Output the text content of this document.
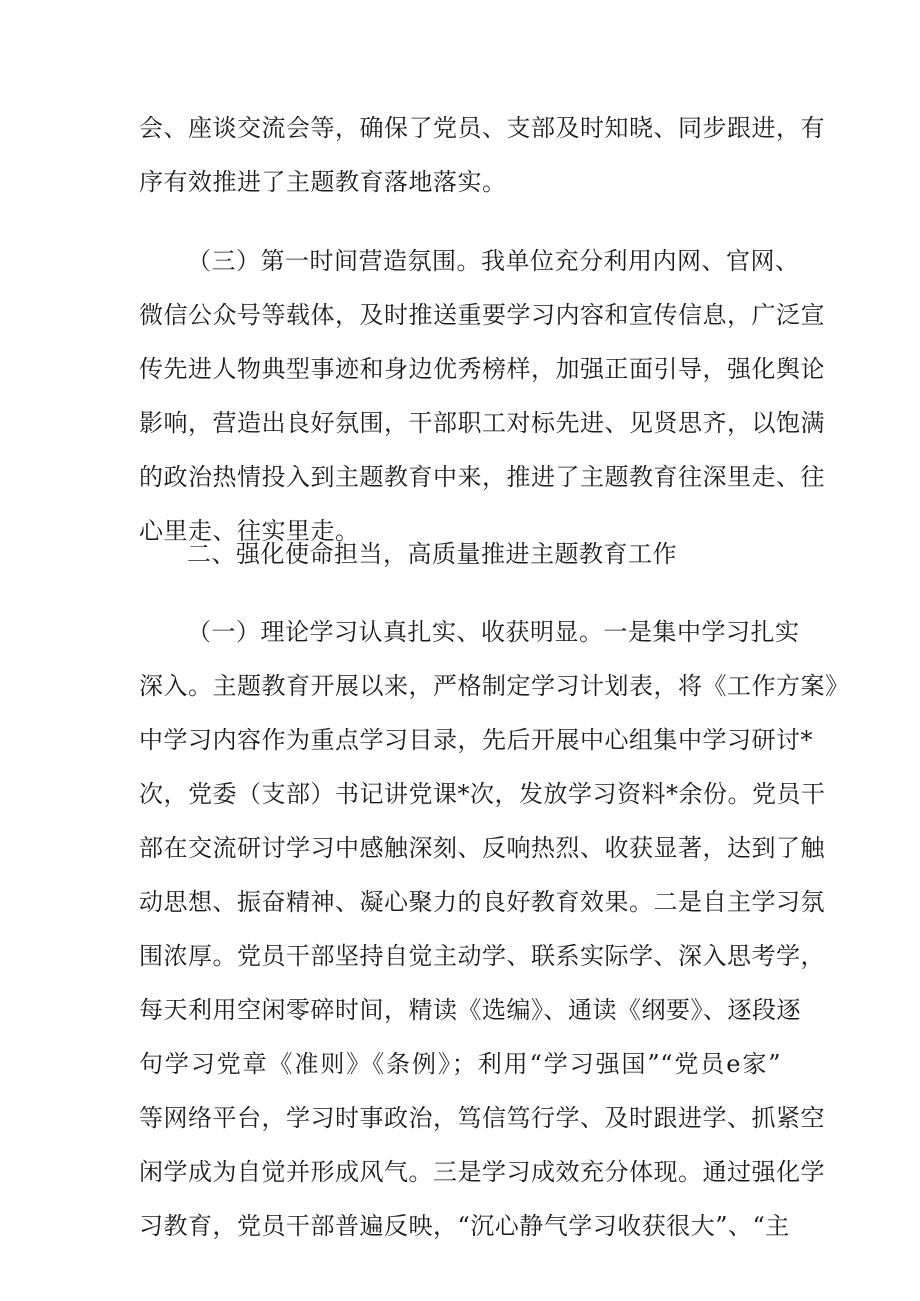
会、座谈交流会等，确保了党员、支部及时知晓、同步跟进，有
序有效推进了主题教育落地落实。
（三）第一时间营造氛围。我单位充分利用内网、官网、
微信公众号等载体，及时推送重要学习内容和宣传信息，广泛宣
传先进人物典型事迹和身边优秀榜样，加强正面引导，强化舆论
影响，营造出良好氛围，干部职工对标先进、见贤思齐，以饱满
的政治热情投入到主题教育中来，推进了主题教育往深里走、往
心里走、往实里走。
二、强化使命担当，高质量推进主题教育工作
（一）理论学习认真扎实、收获明显。一是集中学习扎实
深入。主题教育开展以来，严格制定学习计划表，将《工作方案》
中学习内容作为重点学习目录，先后开展中心组集中学习研讨*
次，党委（支部）书记讲党课*次，发放学习资料*余份。党员干
部在交流研讨学习中感触深刻、反响热烈、收获显著，达到了触
动思想、振奋精神、凝心聚力的良好教育效果。二是自主学习氛
围浓厚。党员干部坚持自觉主动学、联系实际学、深入思考学，
每天利用空闲零碎时间，精读《选编》、通读《纲要》、逐段逐
句学习党章《准则》《条例》；利用“学习强国”“党员e家”
等网络平台，学习时事政治，笃信笃行学、及时跟进学、抓紧空
闲学成为自觉并形成风气。三是学习成效充分体现。通过强化学
习教育，党员干部普遍反映，“沉心静气学习收获很大”、“主
